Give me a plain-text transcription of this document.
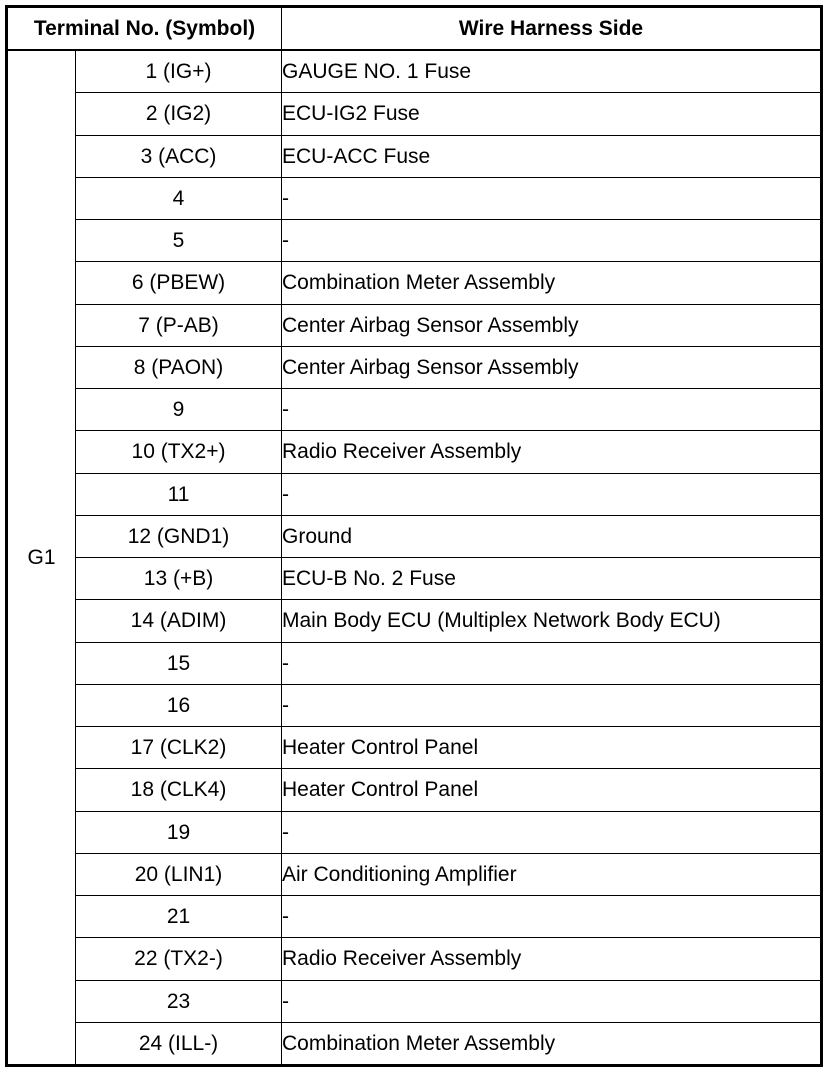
Terminal No. (Symbol)		Wire Harness Side
G1	1 (IG+)	GAUGE NO. 1 Fuse
	2 (IG2)	ECU-IG2 Fuse
	3 (ACC)	ECU-ACC Fuse
	4	-
	5	-
	6 (PBEW)	Combination Meter Assembly
	7 (P-AB)	Center Airbag Sensor Assembly
	8 (PAON)	Center Airbag Sensor Assembly
	9	-
	10 (TX2+)	Radio Receiver Assembly
	11	-
	12 (GND1)	Ground
	13 (+B)	ECU-B No. 2 Fuse
	14 (ADIM)	Main Body ECU (Multiplex Network Body ECU)
	15	-
	16	-
	17 (CLK2)	Heater Control Panel
	18 (CLK4)	Heater Control Panel
	19	-
	20 (LIN1)	Air Conditioning Amplifier
	21	-
	22 (TX2-)	Radio Receiver Assembly
	23	-
	24 (ILL-)	Combination Meter Assembly
